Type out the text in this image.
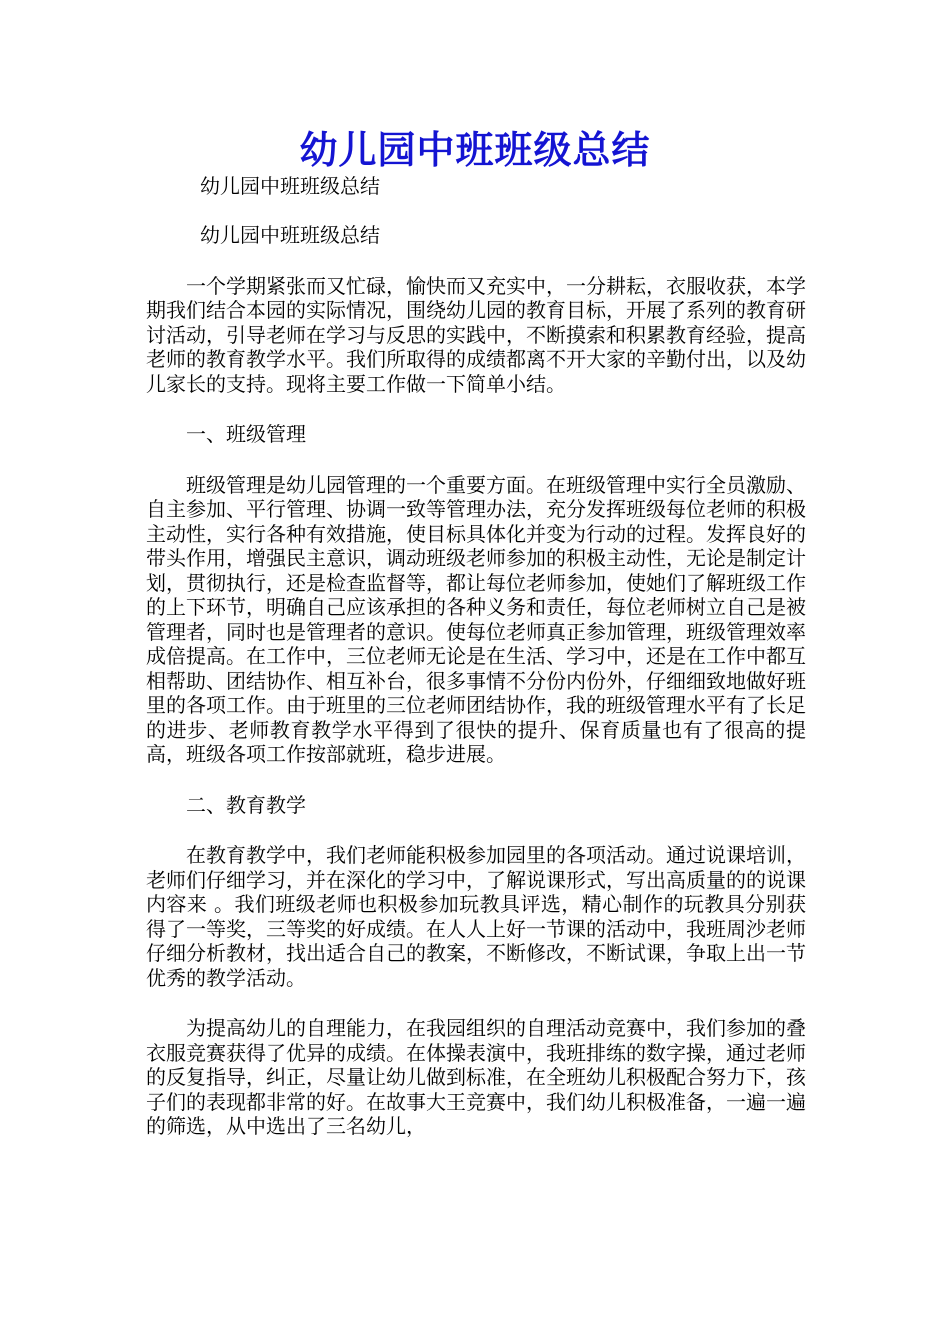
幼儿园中班班级总结

幼儿园中班班级总结

幼儿园中班班级总结

一个学期紧张而又忙碌，愉快而又充实中，一分耕耘，衣服收获，本学期我们结合本园的实际情况，围绕幼儿园的教育目标，开展了系列的教育研讨活动，引导老师在学习与反思的实践中，不断摸索和积累教育经验，提高老师的教育教学水平。我们所取得的成绩都离不开大家的辛勤付出，以及幼儿家长的支持。现将主要工作做一下简单小结。

一、班级管理

班级管理是幼儿园管理的一个重要方面。在班级管理中实行全员激励、自主参加、平行管理、协调一致等管理办法，充分发挥班级每位老师的积极主动性，实行各种有效措施，使目标具体化并变为行动的过程。发挥良好的带头作用，增强民主意识，调动班级老师参加的积极主动性，无论是制定计划，贯彻执行，还是检查监督等，都让每位老师参加，使她们了解班级工作的上下环节，明确自己应该承担的各种义务和责任，每位老师树立自己是被管理者，同时也是管理者的意识。使每位老师真正参加管理，班级管理效率成倍提高。在工作中，三位老师无论是在生活、学习中，还是在工作中都互相帮助、团结协作、相互补台，很多事情不分份内份外，仔细细致地做好班里的各项工作。由于班里的三位老师团结协作，我的班级管理水平有了长足的进步、老师教育教学水平得到了很快的提升、保育质量也有了很高的提高，班级各项工作按部就班，稳步进展。

二、教育教学

在教育教学中，我们老师能积极参加园里的各项活动。通过说课培训，老师们仔细学习，并在深化的学习中，了解说课形式，写出高质量的的说课内容来 。我们班级老师也积极参加玩教具评选，精心制作的玩教具分别获得了一等奖，三等奖的好成绩。在人人上好一节课的活动中，我班周沙老师仔细分析教材，找出适合自己的教案，不断修改，不断试课，争取上出一节优秀的教学活动。

为提高幼儿的自理能力，在我园组织的自理活动竞赛中，我们参加的叠衣服竞赛获得了优异的成绩。在体操表演中，我班排练的数字操，通过老师的反复指导，纠正，尽量让幼儿做到标准，在全班幼儿积极配合努力下，孩子们的表现都非常的好。在故事大王竞赛中，我们幼儿积极准备，一遍一遍的筛选，从中选出了三名幼儿，
